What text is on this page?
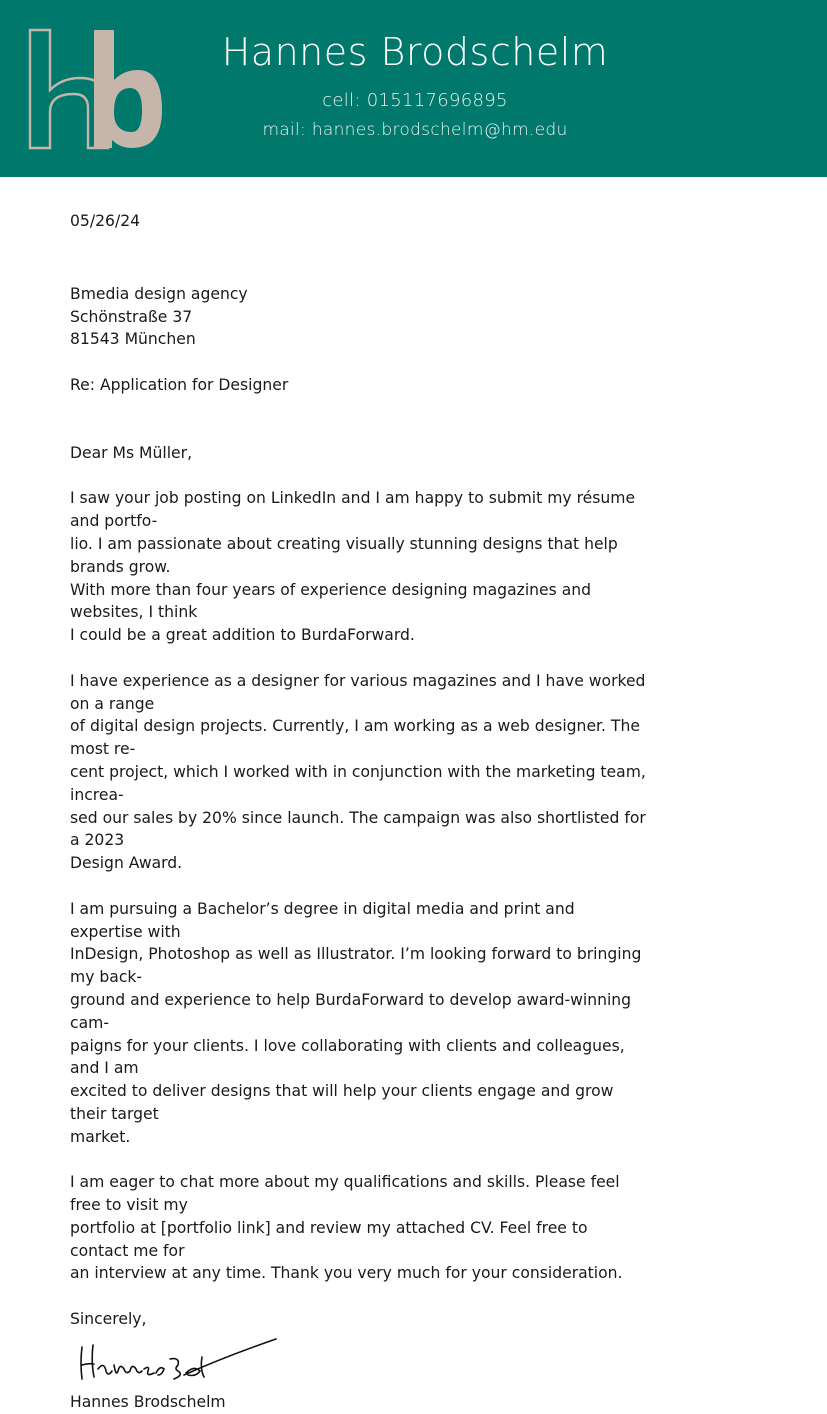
Hannes Brodschelm
cell: 015117696895
mail: hannes.brodschelm@hm.edu

05/26/24

Bmedia design agency

Schönstraße 37

81543 München

Re: Application for Designer

Dear Ms Müller,

I saw your job posting on LinkedIn and I am happy to submit my résume and portfo-

lio. I am passionate about creating visually stunning designs that help brands grow.

With more than four years of experience designing magazines and websites, I think

I could be a great addition to BurdaForward.

I have experience as a designer for various magazines and I have worked on a range

of digital design projects. Currently, I am working as a web designer. The most re-

cent project, which I worked with in conjunction with the marketing team, increa-

sed our sales by 20% since launch. The campaign was also shortlisted for a 2023

Design Award.

I am pursuing a Bachelor’s degree in digital media and print and expertise with

InDesign, Photoshop as well as Illustrator. I’m looking forward to bringing my back-

ground and experience to help BurdaForward to develop award-winning cam-

paigns for your clients. I love collaborating with clients and colleagues, and I am

excited to deliver designs that will help your clients engage and grow their target

market.

I am eager to chat more about my qualifications and skills. Please feel free to visit my

portfolio at [portfolio link] and review my attached CV. Feel free to contact me for

an interview at any time. Thank you very much for your consideration.

Sincerely,

Hannes Brodschelm
